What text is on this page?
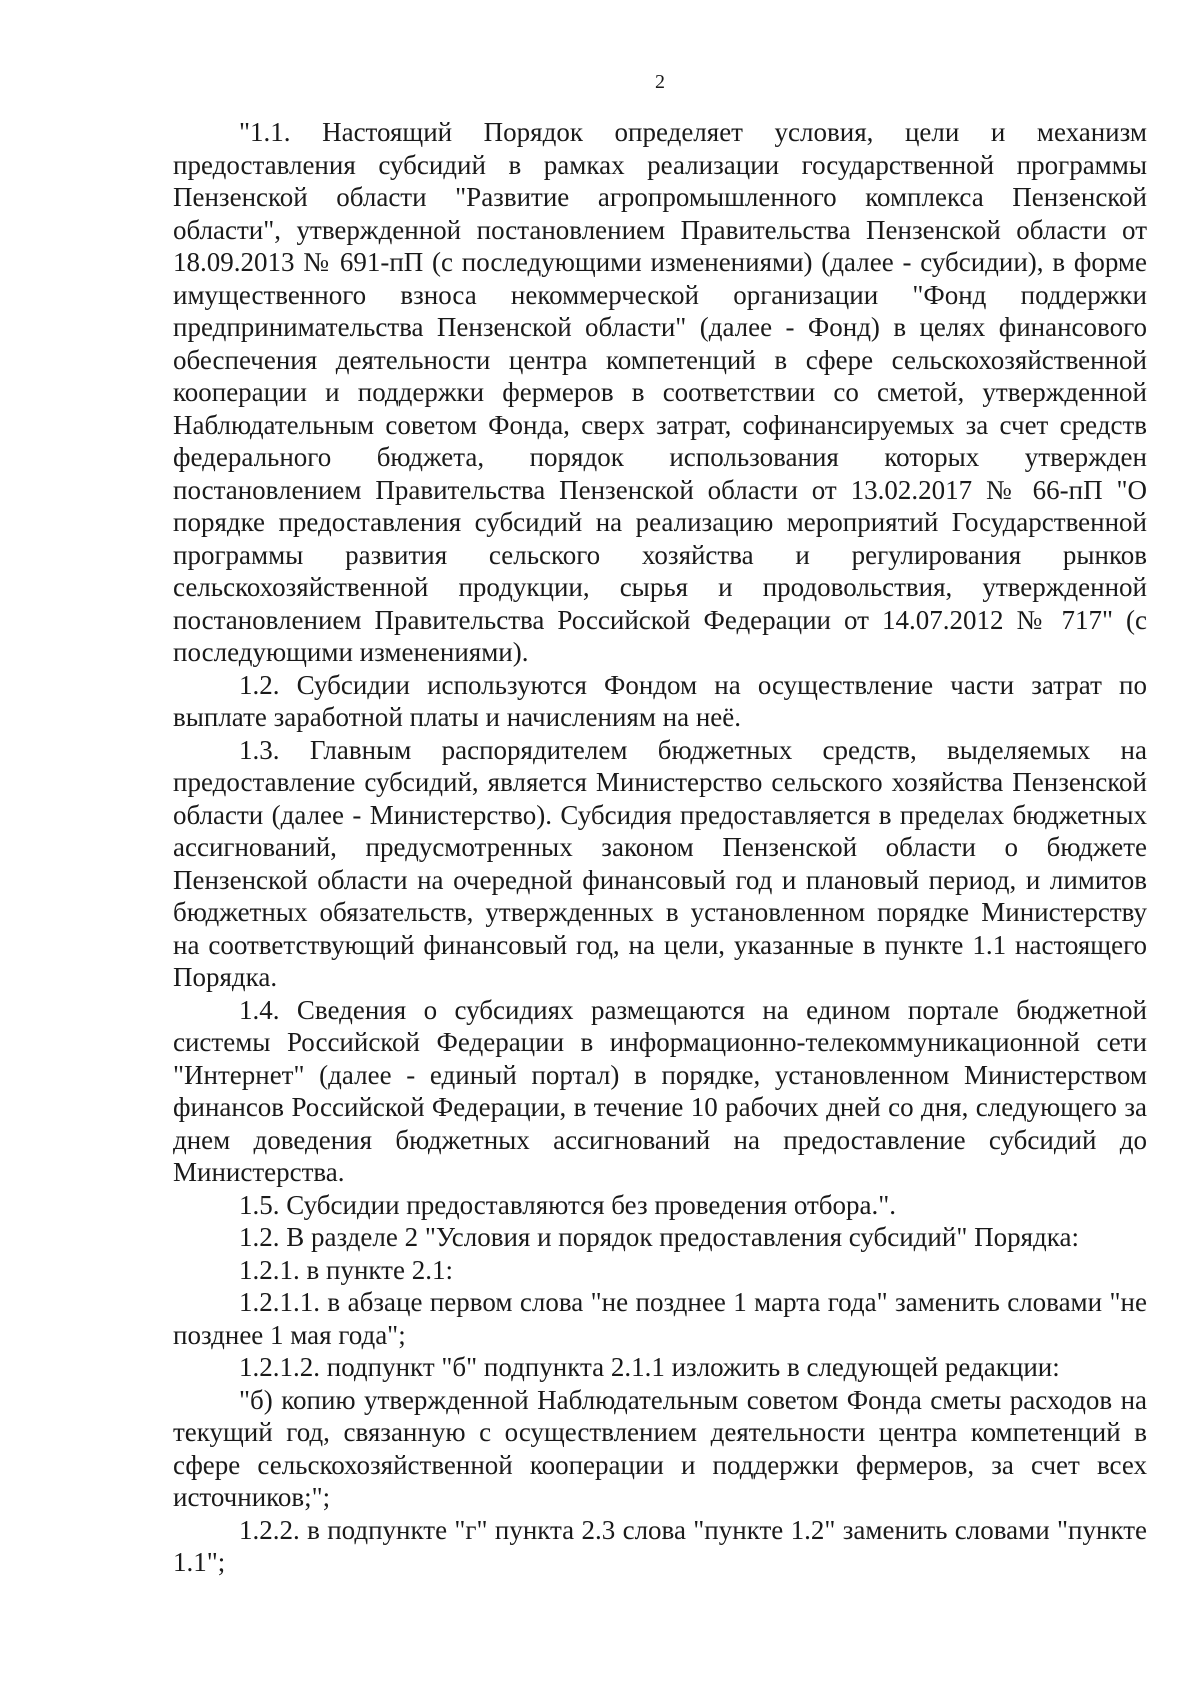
2

"1.1. Настоящий Порядок определяет условия, цели и механизм предоставления субсидий в рамках реализации государственной программы Пензенской области "Развитие агропромышленного комплекса Пензенской области", утвержденной постановлением Правительства Пензенской области от 18.09.2013 № 691-пП (с последующими изменениями) (далее - субсидии), в форме имущественного взноса некоммерческой организации "Фонд поддержки предпринимательства Пензенской области" (далее - Фонд) в целях финансового обеспечения деятельности центра компетенций в сфере сельскохозяйственной кооперации и поддержки фермеров в соответствии со сметой, утвержденной Наблюдательным советом Фонда, сверх затрат, софинансируемых за счет средств федерального бюджета, порядок использования которых утвержден постановлением Правительства Пензенской области от 13.02.2017 № 66-пП "О порядке предоставления субсидий на реализацию мероприятий Государственной программы развития сельского хозяйства и регулирования рынков сельскохозяйственной продукции, сырья и продовольствия, утвержденной постановлением Правительства Российской Федерации от 14.07.2012 № 717" (с последующими изменениями).

1.2. Субсидии используются Фондом на осуществление части затрат по выплате заработной платы и начислениям на неё.

1.3. Главным распорядителем бюджетных средств, выделяемых на предоставление субсидий, является Министерство сельского хозяйства Пензенской области (далее - Министерство). Субсидия предоставляется в пределах бюджетных ассигнований, предусмотренных законом Пензенской области о бюджете Пензенской области на очередной финансовый год и плановый период, и лимитов бюджетных обязательств, утвержденных в установленном порядке Министерству на соответствующий финансовый год, на цели, указанные в пункте 1.1 настоящего Порядка.

1.4. Сведения о субсидиях размещаются на едином портале бюджетной системы Российской Федерации в информационно-телекоммуникационной сети "Интернет" (далее - единый портал) в порядке, установленном Министерством финансов Российской Федерации, в течение 10 рабочих дней со дня, следующего за днем доведения бюджетных ассигнований на предоставление субсидий до Министерства.

1.5. Субсидии предоставляются без проведения отбора.".

1.2. В разделе 2 "Условия и порядок предоставления субсидий" Порядка:

1.2.1. в пункте 2.1:

1.2.1.1. в абзаце первом слова "не позднее 1 марта года" заменить словами "не позднее 1 мая года";

1.2.1.2. подпункт "б" подпункта 2.1.1 изложить в следующей редакции:

"б) копию утвержденной Наблюдательным советом Фонда сметы расходов на текущий год, связанную с осуществлением деятельности центра компетенций в сфере сельскохозяйственной кооперации и поддержки фермеров, за счет всех источников;";

1.2.2. в подпункте "г" пункта 2.3 слова "пункте 1.2" заменить словами "пункте 1.1";
